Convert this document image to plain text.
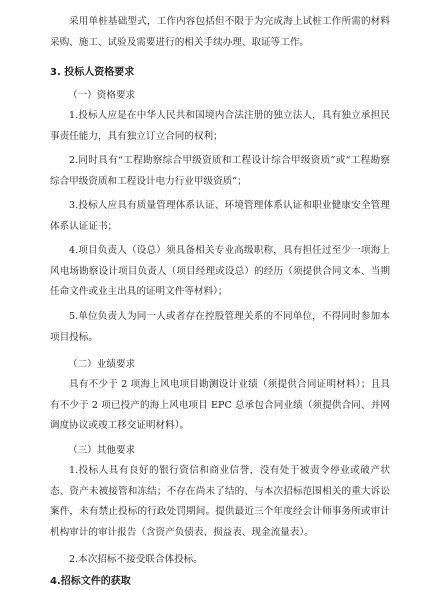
采用单桩基础型式，工作内容包括但不限于为完成海上试桩工作所需的材料采购、施工、试验及需要进行的相关手续办理、取证等工作。

3. 投标人资格要求

（一）资格要求

1.投标人应是在中华人民共和国境内合法注册的独立法人，具有独立承担民事责任能力，具有独立订立合同的权利；

2.同时具有“工程勘察综合甲级资质和工程设计综合甲级资质”或“工程勘察综合甲级资质和工程设计电力行业甲级资质”；

3.投标人应具有质量管理体系认证、环境管理体系认证和职业健康安全管理体系认证证书；

4.项目负责人（设总）须具备相关专业高级职称，具有担任过至少一项海上风电场勘察设计项目负责人（项目经理或设总）的经历（须提供合同文本、当期任命文件或业主出具的证明文件等材料）；

5.单位负责人为同一人或者存在控股管理关系的不同单位，不得同时参加本项目投标。

（二）业绩要求

具有不少于 2 项海上风电项目勘测设计业绩（须提供合同证明材料）；且具有不少于 2 项已投产的海上风电项目 EPC 总承包合同业绩（须提供合同、并网调度协议或竣工移交证明材料）。

（三）其他要求

1.投标人具有良好的银行资信和商业信誉，没有处于被责令停业或破产状态、资产未被接管和冻结；不存在尚未了结的、与本次招标范围相关的重大诉讼案件，未有禁止投标的行政处罚期间。提供最近三个年度经会计师事务所或审计机构审计的审计报告（含资产负债表、损益表、现金流量表）。

2.本次招标不接受联合体投标。

4.招标文件的获取
